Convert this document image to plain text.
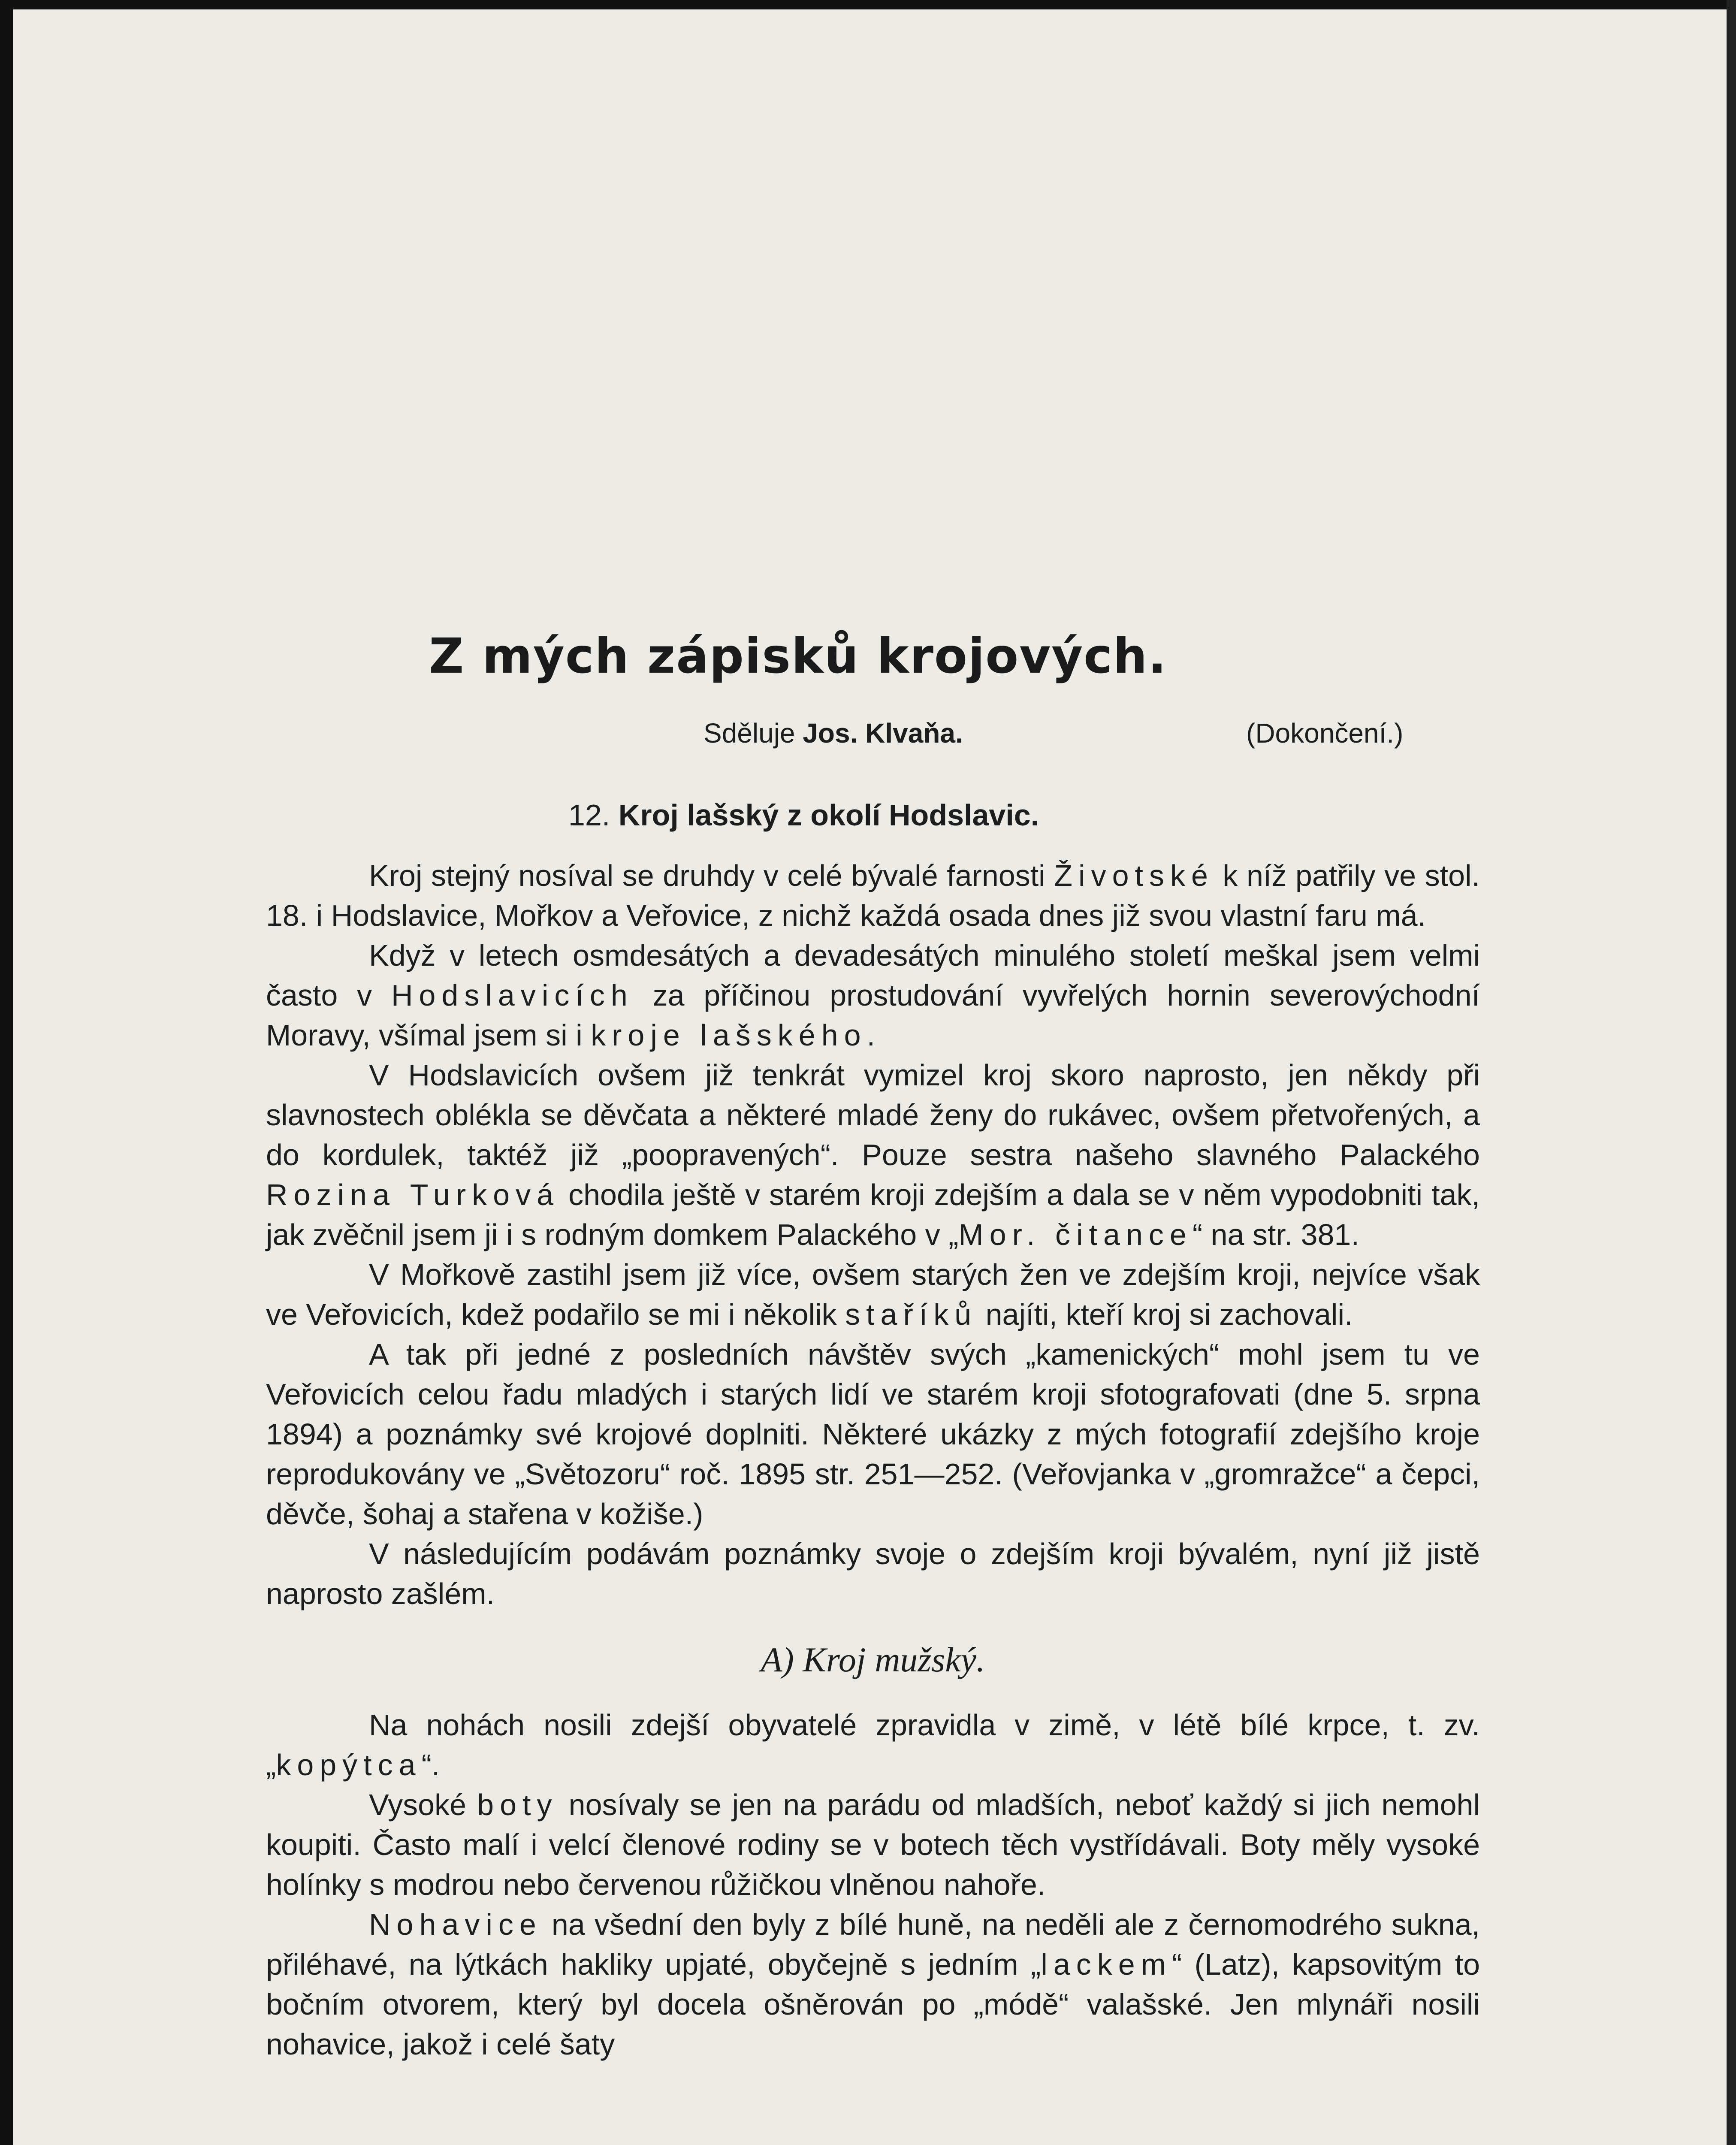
Z mých zápisků krojových.
Sděluje Jos. Klvaňa.	(Dokončení.)
12. Kroj lašský z okolí Hodslavic.

Kroj stejný nosíval se druhdy v celé bývalé farnosti Životské k níž patřily ve stol. 18. i Hodslavice, Mořkov a Veřovice, z nichž každá osada dnes již svou vlastní faru má.

Když v letech osmdesátých a devadesátých minulého století meškal jsem velmi často v Hodslavicích za příčinou prostudování vyvřelých hornin severovýchodní Moravy, všímal jsem si i kroje lašského.

V Hodslavicích ovšem již tenkrát vymizel kroj skoro naprosto, jen někdy při slavnostech oblékla se děvčata a některé mladé ženy do rukávec, ovšem přetvořených, a do kordulek, taktéž již „poopravených“. Pouze sestra našeho slavného Palackého Rozina Turková chodila ještě v starém kroji zdejším a dala se v něm vypodobniti tak, jak zvěčnil jsem ji i s rodným domkem Palackého v „Mor. čitance“ na str. 381.

V Mořkově zastihl jsem již více, ovšem starých žen ve zdejším kroji, nejvíce však ve Veřovicích, kdež podařilo se mi i několik staříků najíti, kteří kroj si zachovali.

A tak při jedné z posledních návštěv svých „kamenických“ mohl jsem tu ve Veřovicích celou řadu mladých i starých lidí ve starém kroji sfotografovati (dne 5. srpna 1894) a poznámky své krojové doplniti. Některé ukázky z mých fotografií zdejšího kroje reprodukovány ve „Světozoru“ roč. 1895 str. 251—252. (Veřovjanka v „gromražce“ a čepci, děvče, šohaj a stařena v kožiše.)

V následujícím podávám poznámky svoje o zdejším kroji bývalém, nyní již jistě naprosto zašlém.

A) Kroj mužský.

Na nohách nosili zdejší obyvatelé zpravidla v zimě, v létě bílé krpce, t. zv. „kopýtca“.

Vysoké boty nosívaly se jen na parádu od mladších, neboť každý si jich nemohl koupiti. Často malí i velcí členové rodiny se v botech těch vystřídávali. Boty měly vysoké holínky s modrou nebo červenou růžičkou vlněnou nahoře.

Nohavice na všední den byly z bílé huně, na neděli ale z černomodrého sukna, přiléhavé, na lýtkách hakliky upjaté, obyčejně s jedním „lackem“ (Latz), kapsovitým to bočním otvorem, který byl docela ošněrován po „módě“ valašské. Jen mlynáři nosili nohavice, jakož i celé šaty
